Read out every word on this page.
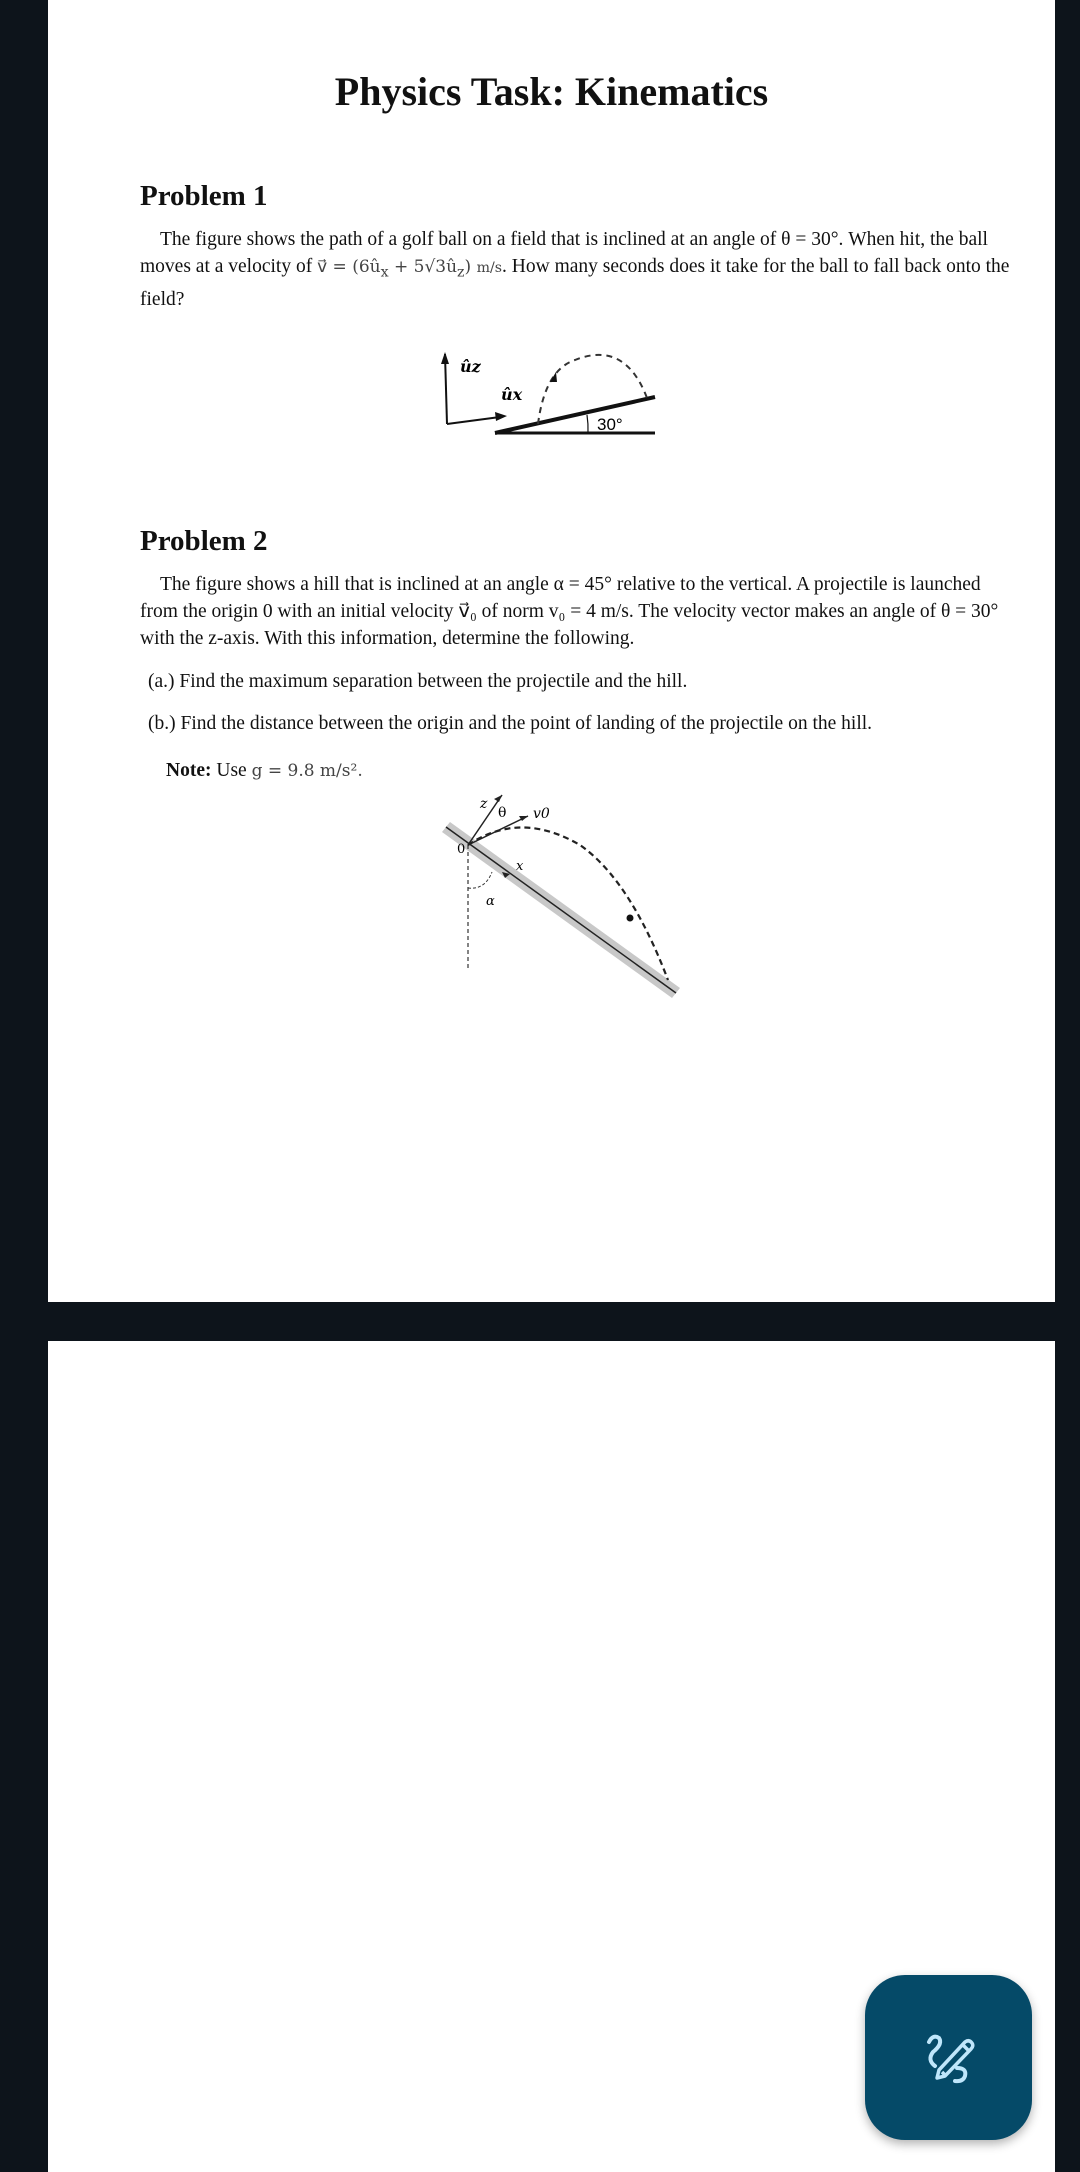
Physics Task: Kinematics
Problem 1
The figure shows the path of a golf ball on a field that is inclined at an angle of θ = 30°. When hit, the ball moves at a velocity of v⃗ = ($6û_x$ + $5√3û_z$) m/s. How many seconds does it take for the ball to fall back onto the field?
ûz
ûx
30°
Problem 2
The figure shows a hill that is inclined at an angle α = 45° relative to the vertical. A projectile is launched from the origin 0 with an initial velocity v⃗₀ of norm v₀ = 4 m/s. The velocity vector makes an angle of θ = 30° with the z-axis. With this information, determine the following.
(a.) Find the maximum separation between the projectile and the hill.
(b.) Find the distance between the origin and the point of landing of the projectile on the hill.
Note: Use g = 9.8 m/s².
z
θ v0
0
x
α
